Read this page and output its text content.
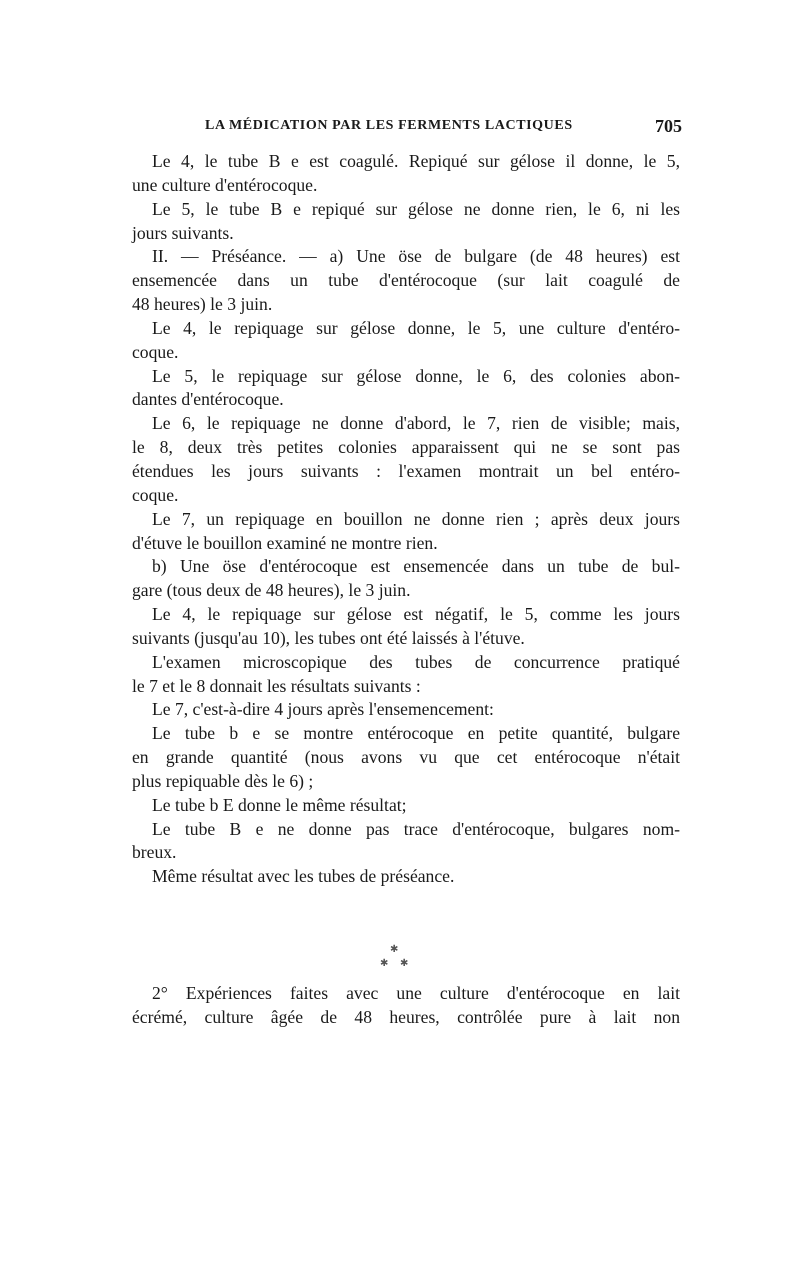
LA MÉDICATION PAR LES FERMENTS LACTIQUES	705
Le 4, le tube B e est coagulé. Repiqué sur gélose il donne, le 5,
une culture d'entérocoque.
Le 5, le tube B e repiqué sur gélose ne donne rien, le 6, ni les
jours suivants.
II. — Préséance. — a) Une öse de bulgare (de 48 heures) est
ensemencée dans un tube d'entérocoque (sur lait coagulé de
48 heures) le 3 juin.
Le 4, le repiquage sur gélose donne, le 5, une culture d'entéro-
coque.
Le 5, le repiquage sur gélose donne, le 6, des colonies abon-
dantes d'entérocoque.
Le 6, le repiquage ne donne d'abord, le 7, rien de visible; mais,
le 8, deux très petites colonies apparaissent qui ne se sont pas
étendues les jours suivants : l'examen montrait un bel entéro-
coque.
Le 7, un repiquage en bouillon ne donne rien ; après deux jours
d'étuve le bouillon examiné ne montre rien.
b) Une öse d'entérocoque est ensemencée dans un tube de bul-
gare (tous deux de 48 heures), le 3 juin.
Le 4, le repiquage sur gélose est négatif, le 5, comme les jours
suivants (jusqu'au 10), les tubes ont été laissés à l'étuve.
L'examen microscopique des tubes de concurrence pratiqué
le 7 et le 8 donnait les résultats suivants :
Le 7, c'est-à-dire 4 jours après l'ensemencement:
Le tube b e se montre entérocoque en petite quantité, bulgare
en grande quantité (nous avons vu que cet entérocoque n'était
plus repiquable dès le 6) ;
Le tube b E donne le même résultat;
Le tube B e ne donne pas trace d'entérocoque, bulgares nom-
breux.
Même résultat avec les tubes de préséance.
✱
✱ ✱
2° Expériences faites avec une culture d'entérocoque en lait
écrémé, culture âgée de 48 heures, contrôlée pure à lait non
